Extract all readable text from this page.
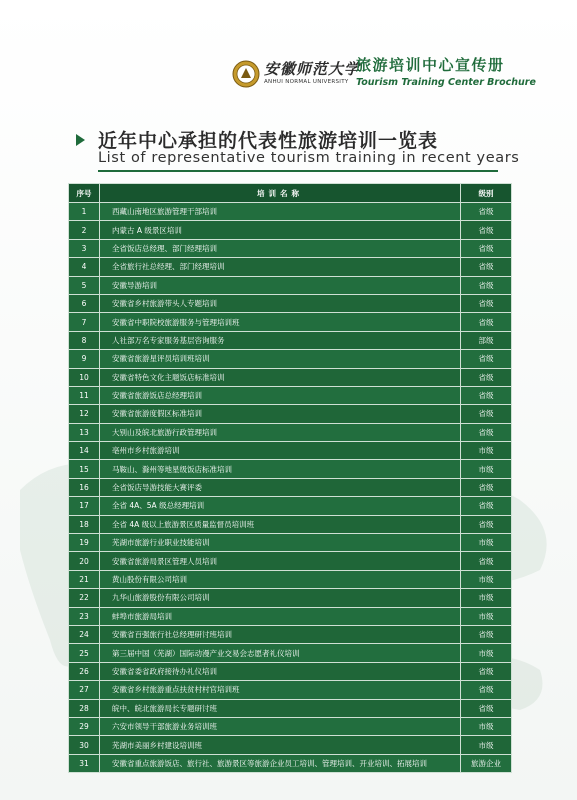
安徽师范大学
ANHUI NORMAL UNIVERSITY
旅游培训中心宣传册
Tourism Training Center Brochure
近年中心承担的代表性旅游培训一览表
List of representative tourism training in recent years
序号	培训名称	级别
1	西藏山南地区旅游管理干部培训	省级
2	内蒙古 A 级景区培训	省级
3	全省饭店总经理、部门经理培训	省级
4	全省旅行社总经理、部门经理培训	省级
5	安徽导游培训	省级
6	安徽省乡村旅游带头人专题培训	省级
7	安徽省中职院校旅游服务与管理培训班	省级
8	人社部万名专家服务基层咨询服务	部级
9	安徽省旅游星评员培训班培训	省级
10	安徽省特色文化主题饭店标准培训	省级
11	安徽省旅游饭店总经理培训	省级
12	安徽省旅游度假区标准培训	省级
13	大别山及皖北旅游行政管理培训	省级
14	亳州市乡村旅游培训	市级
15	马鞍山、滁州等地星级饭店标准培训	市级
16	全省饭店导游技能大赛评委	省级
17	全省 4A、5A 级总经理培训	省级
18	全省 4A 级以上旅游景区质量监督员培训班	省级
19	芜湖市旅游行业职业技能培训	市级
20	安徽省旅游局景区管理人员培训	省级
21	黄山股份有限公司培训	市级
22	九华山旅游股份有限公司培训	市级
23	蚌埠市旅游局培训	市级
24	安徽省百强旅行社总经理研讨班培训	省级
25	第三届中国（芜湖）国际动漫产业交易会志愿者礼仪培训	市级
26	安徽省委省政府接待办礼仪培训	省级
27	安徽省乡村旅游重点扶贫村村官培训班	省级
28	皖中、皖北旅游局长专题研讨班	省级
29	六安市领导干部旅游业务培训班	市级
30	芜湖市美丽乡村建设培训班	市级
31	安徽省重点旅游饭店、旅行社、旅游景区等旅游企业员工培训、管理培训、开业培训、拓展培训	旅游企业
